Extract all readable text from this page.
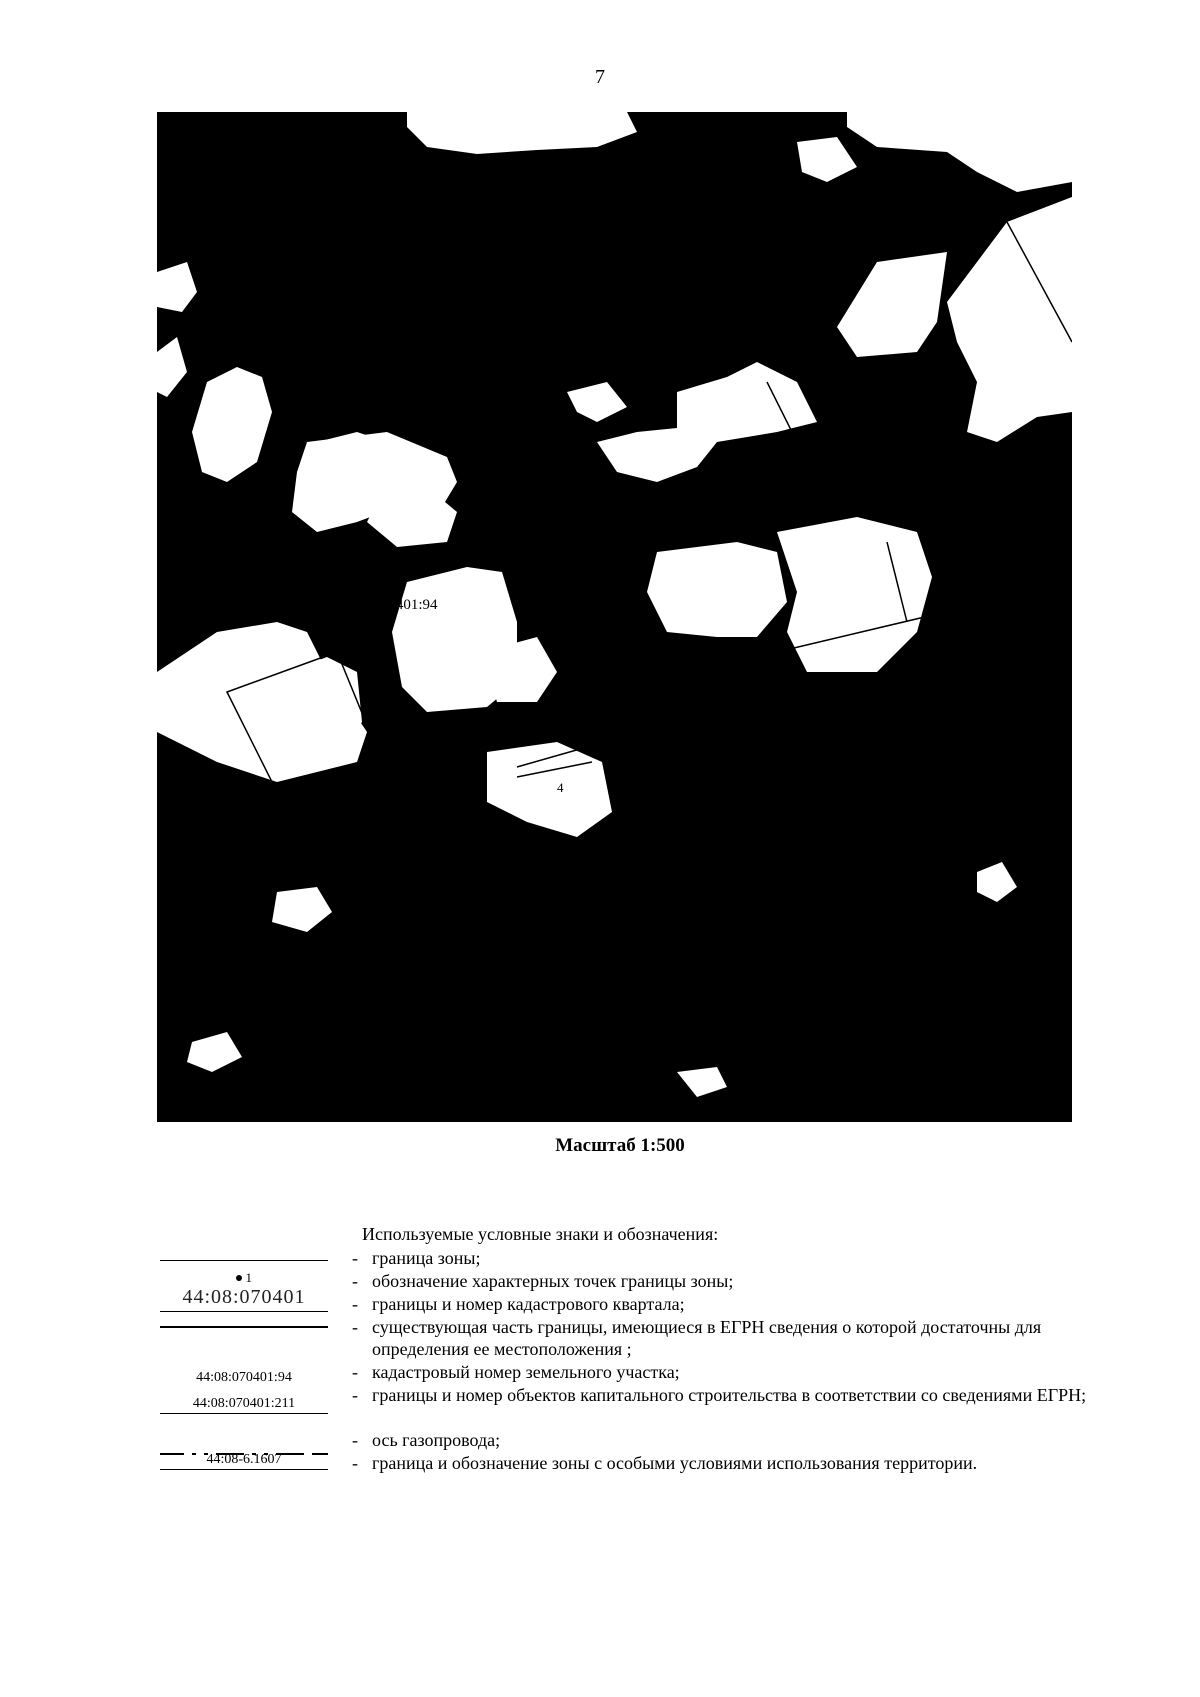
7
44:08:070401:94
01:57
4
44:08
Масштаб 1:500
Используемые условные знаки и обозначения:
1
44:08:070401
44:08:070401:94
44:08:070401:211
44:08-6.1607
- граница зоны;
- обозначение характерных точек границы зоны;
- границы и номер кадастрового квартала;
- существующая часть границы, имеющиеся в ЕГРН сведения о которой достаточны для определения ее местоположения ;
- кадастровый номер земельного участка;
- границы и номер объектов капитального строительства в соответствии со сведениями ЕГРН;
- ось газопровода;
- граница и обозначение зоны с особыми условиями использования территории.
